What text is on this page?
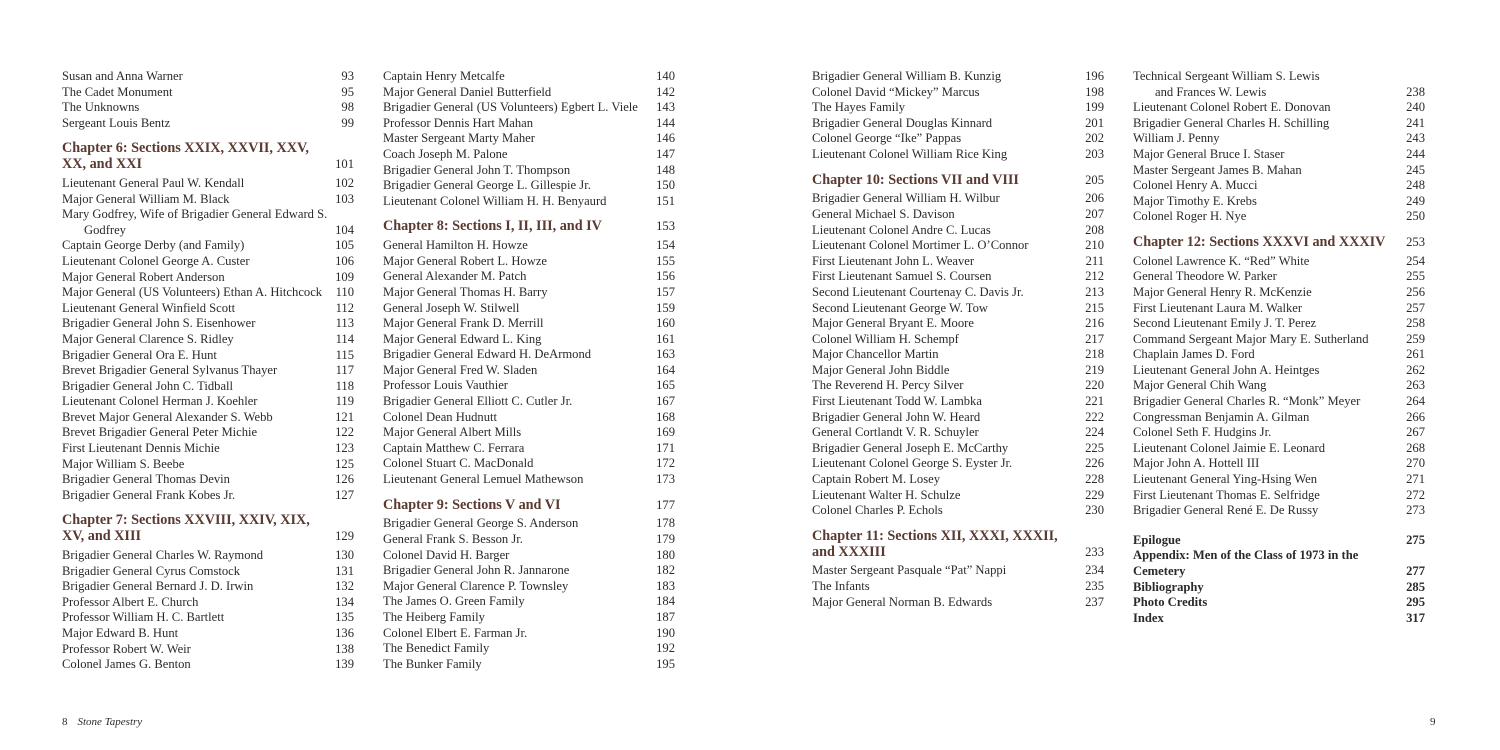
Susan and Anna Warner	93
The Cadet Monument	95
The Unknowns	98
Sergeant Louis Bentz	99
Chapter 6: Sections XXIX, XXVII, XXV, XX, and XXI	101
Lieutenant General Paul W. Kendall	102
Major General William M. Black	103
Mary Godfrey, Wife of Brigadier General Edward S.
Godfrey	104
Captain George Derby (and Family)	105
Lieutenant Colonel George A. Custer	106
Major General Robert Anderson	109
Major General (US Volunteers) Ethan A. Hitchcock	110
Lieutenant General Winfield Scott	112
Brigadier General John S. Eisenhower	113
Major General Clarence S. Ridley	114
Brigadier General Ora E. Hunt	115
Brevet Brigadier General Sylvanus Thayer	117
Brigadier General John C. Tidball	118
Lieutenant Colonel Herman J. Koehler	119
Brevet Major General Alexander S. Webb	121
Brevet Brigadier General Peter Michie	122
First Lieutenant Dennis Michie	123
Major William S. Beebe	125
Brigadier General Thomas Devin	126
Brigadier General Frank Kobes Jr.	127
Chapter 7: Sections XXVIII, XXIV, XIX, XV, and XIII	129
Brigadier General Charles W. Raymond	130
Brigadier General Cyrus Comstock	131
Brigadier General Bernard J. D. Irwin	132
Professor Albert E. Church	134
Professor William H. C. Bartlett	135
Major Edward B. Hunt	136
Professor Robert W. Weir	138
Colonel James G. Benton	139
Captain Henry Metcalfe	140
Major General Daniel Butterfield	142
Brigadier General (US Volunteers) Egbert L. Viele	143
Professor Dennis Hart Mahan	144
Master Sergeant Marty Maher	146
Coach Joseph M. Palone	147
Brigadier General John T. Thompson	148
Brigadier General George L. Gillespie Jr.	150
Lieutenant Colonel William H. H. Benyaurd	151
Chapter 8: Sections I, II, III, and IV	153
General Hamilton H. Howze	154
Major General Robert L. Howze	155
General Alexander M. Patch	156
Major General Thomas H. Barry	157
General Joseph W. Stilwell	159
Major General Frank D. Merrill	160
Major General Edward L. King	161
Brigadier General Edward H. DeArmond	163
Major General Fred W. Sladen	164
Professor Louis Vauthier	165
Brigadier General Elliott C. Cutler Jr.	167
Colonel Dean Hudnutt	168
Major General Albert Mills	169
Captain Matthew C. Ferrara	171
Colonel Stuart C. MacDonald	172
Lieutenant General Lemuel Mathewson	173
Chapter 9: Sections V and VI	177
Brigadier General George S. Anderson	178
General Frank S. Besson Jr.	179
Colonel David H. Barger	180
Brigadier General John R. Jannarone	182
Major General Clarence P. Townsley	183
The James O. Green Family	184
The Heiberg Family	187
Colonel Elbert E. Farman Jr.	190
The Benedict Family	192
The Bunker Family	195
Brigadier General William B. Kunzig	196
Colonel David “Mickey” Marcus	198
The Hayes Family	199
Brigadier General Douglas Kinnard	201
Colonel George “Ike” Pappas	202
Lieutenant Colonel William Rice King	203
Chapter 10: Sections VII and VIII	205
Brigadier General William H. Wilbur	206
General Michael S. Davison	207
Lieutenant Colonel Andre C. Lucas	208
Lieutenant Colonel Mortimer L. O’Connor	210
First Lieutenant John L. Weaver	211
First Lieutenant Samuel S. Coursen	212
Second Lieutenant Courtenay C. Davis Jr.	213
Second Lieutenant George W. Tow	215
Major General Bryant E. Moore	216
Colonel William H. Schempf	217
Major Chancellor Martin	218
Major General John Biddle	219
The Reverend H. Percy Silver	220
First Lieutenant Todd W. Lambka	221
Brigadier General John W. Heard	222
General Cortlandt V. R. Schuyler	224
Brigadier General Joseph E. McCarthy	225
Lieutenant Colonel George S. Eyster Jr.	226
Captain Robert M. Losey	228
Lieutenant Walter H. Schulze	229
Colonel Charles P. Echols	230
Chapter 11: Sections XII, XXXI, XXXII, and XXXIII	233
Master Sergeant Pasquale “Pat” Nappi	234
The Infants	235
Major General Norman B. Edwards	237
Technical Sergeant William S. Lewis
and Frances W. Lewis	238
Lieutenant Colonel Robert E. Donovan	240
Brigadier General Charles H. Schilling	241
William J. Penny	243
Major General Bruce I. Staser	244
Master Sergeant James B. Mahan	245
Colonel Henry A. Mucci	248
Major Timothy E. Krebs	249
Colonel Roger H. Nye	250
Chapter 12: Sections XXXVI and XXXIV	253
Colonel Lawrence K. “Red” White	254
General Theodore W. Parker	255
Major General Henry R. McKenzie	256
First Lieutenant Laura M. Walker	257
Second Lieutenant Emily J. T. Perez	258
Command Sergeant Major Mary E. Sutherland	259
Chaplain James D. Ford	261
Lieutenant General John A. Heintges	262
Major General Chih Wang	263
Brigadier General Charles R. “Monk” Meyer	264
Congressman Benjamin A. Gilman	266
Colonel Seth F. Hudgins Jr.	267
Lieutenant Colonel Jaimie E. Leonard	268
Major John A. Hottell III	270
Lieutenant General Ying-Hsing Wen	271
First Lieutenant Thomas E. Selfridge	272
Brigadier General René E. De Russy	273
Epilogue	275
Appendix: Men of the Class of 1973 in the Cemetery	277
Bibliography	285
Photo Credits	295
Index	317
8 Stone Tapestry	9
